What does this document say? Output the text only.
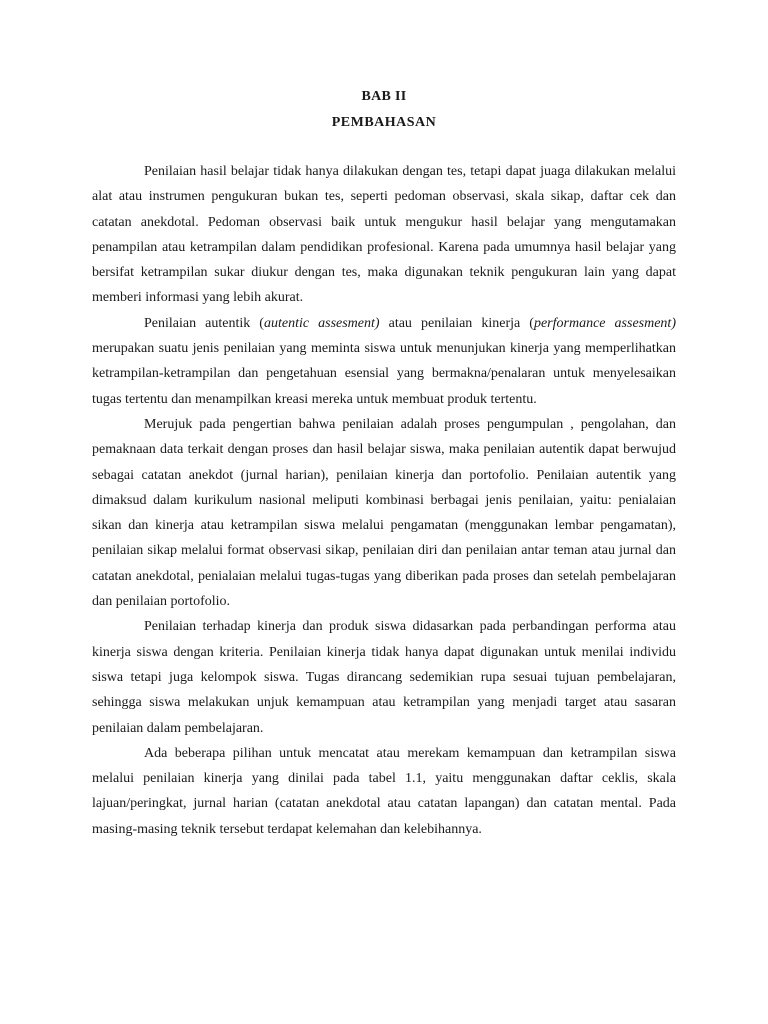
BAB II

PEMBAHASAN

Penilaian hasil belajar tidak hanya dilakukan dengan tes, tetapi dapat juaga dilakukan melalui alat atau instrumen pengukuran bukan tes, seperti pedoman observasi, skala sikap, daftar cek dan catatan anekdotal. Pedoman observasi baik untuk mengukur hasil belajar yang mengutamakan penampilan atau ketrampilan dalam pendidikan profesional. Karena pada umumnya hasil belajar yang bersifat ketrampilan sukar diukur dengan tes, maka digunakan teknik pengukuran lain yang dapat memberi informasi yang lebih akurat.

Penilaian autentik (autentic assesment) atau penilaian kinerja (performance assesment) merupakan suatu jenis penilaian yang meminta siswa untuk menunjukan kinerja yang memperlihatkan ketrampilan-ketrampilan dan pengetahuan esensial yang bermakna/penalaran untuk menyelesaikan tugas tertentu dan menampilkan kreasi mereka untuk membuat produk tertentu.

Merujuk pada pengertian bahwa penilaian adalah proses pengumpulan , pengolahan, dan pemaknaan data terkait dengan proses dan hasil belajar siswa, maka penilaian autentik dapat berwujud sebagai catatan anekdot (jurnal harian), penilaian kinerja dan portofolio. Penilaian autentik yang dimaksud dalam kurikulum nasional meliputi kombinasi berbagai jenis penilaian, yaitu: penialaian sikan dan kinerja atau ketrampilan siswa melalui pengamatan (menggunakan lembar pengamatan), penilaian sikap melalui format observasi sikap, penilaian diri dan penilaian antar teman atau jurnal dan catatan anekdotal, penialaian melalui tugas-tugas yang diberikan pada proses dan setelah pembelajaran dan penilaian portofolio.

Penilaian terhadap kinerja dan produk siswa didasarkan pada perbandingan performa atau kinerja siswa dengan kriteria. Penilaian kinerja tidak hanya dapat digunakan untuk menilai individu siswa tetapi juga kelompok siswa. Tugas dirancang sedemikian rupa sesuai tujuan pembelajaran, sehingga siswa melakukan unjuk kemampuan atau ketrampilan yang menjadi target atau sasaran penilaian dalam pembelajaran.

Ada beberapa pilihan untuk mencatat atau merekam kemampuan dan ketrampilan siswa melalui penilaian kinerja yang dinilai pada tabel 1.1, yaitu menggunakan daftar ceklis, skala lajuan/peringkat, jurnal harian (catatan anekdotal atau catatan lapangan) dan catatan mental. Pada masing-masing teknik tersebut terdapat kelemahan dan kelebihannya.
